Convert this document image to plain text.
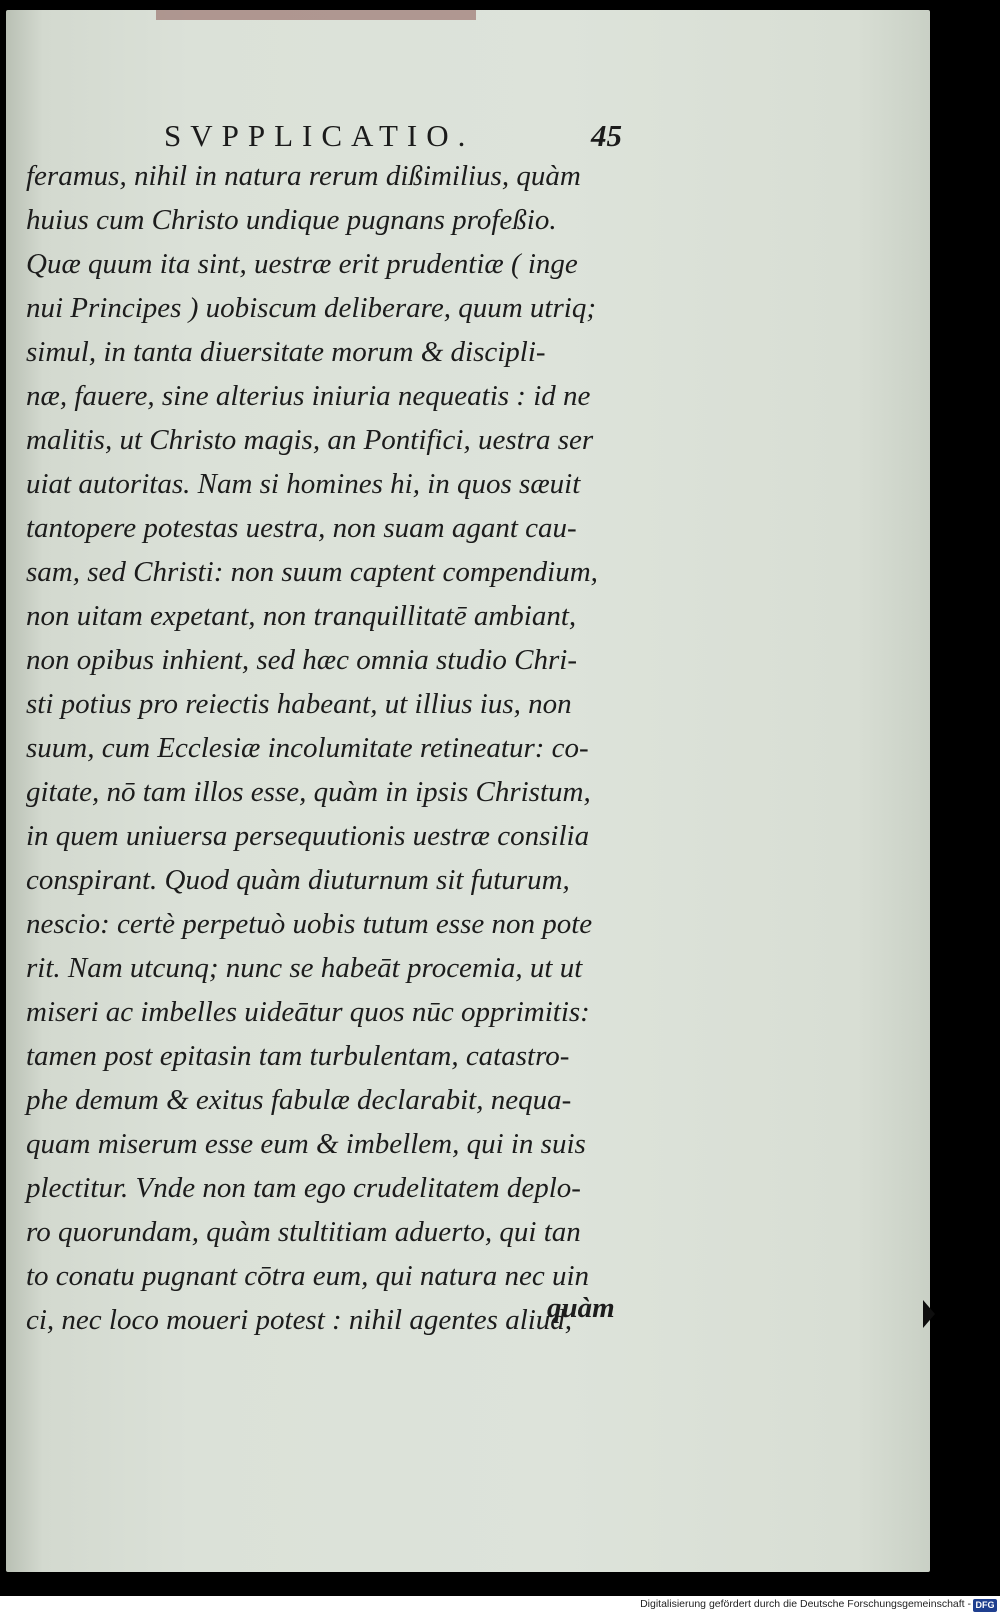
SVPPLICATIO.	45
feramus, nihil in natura rerum dißimilius, quàm
huius cum Christo undique pugnans profeßio.
Quæ quum ita sint, uestræ erit prudentiæ ( inge
nui Principes ) uobiscum deliberare, quum utriq;
simul, in tanta diuersitate morum & discipli-
næ, fauere, sine alterius iniuria nequeatis : id ne
malitis, ut Christo magis, an Pontifici, uestra ser
uiat autoritas. Nam si homines hi, in quos sæuit
tantopere potestas uestra, non suam agant cau-
sam, sed Christi: non suum captent compendium,
non uitam expetant, non tranquillitatē ambiant,
non opibus inhient, sed hæc omnia studio Chri-
sti potius pro reiectis habeant, ut illius ius, non
suum, cum Ecclesiæ incolumitate retineatur: co-
gitate, nō tam illos esse, quàm in ipsis Christum,
in quem uniuersa persequutionis uestræ consilia
conspirant. Quod quàm diuturnum sit futurum,
nescio: certè perpetuò uobis tutum esse non pote
rit. Nam utcunq; nunc se habeāt procemia, ut ut
miseri ac imbelles uideātur quos nūc opprimitis:
tamen post epitasin tam turbulentam, catastro-
phe demum & exitus fabulæ declarabit, nequa-
quam miserum esse eum & imbellem, qui in suis
plectitur. Vnde non tam ego crudelitatem deplo-
ro quorundam, quàm stultitiam aduerto, qui tan
to conatu pugnant cōtra eum, qui natura nec uin
ci, nec loco moueri potest : nihil agentes aliud,
quàm
Digitalisierung gefördert durch die Deutsche Forschungsgemeinschaft - DFG
